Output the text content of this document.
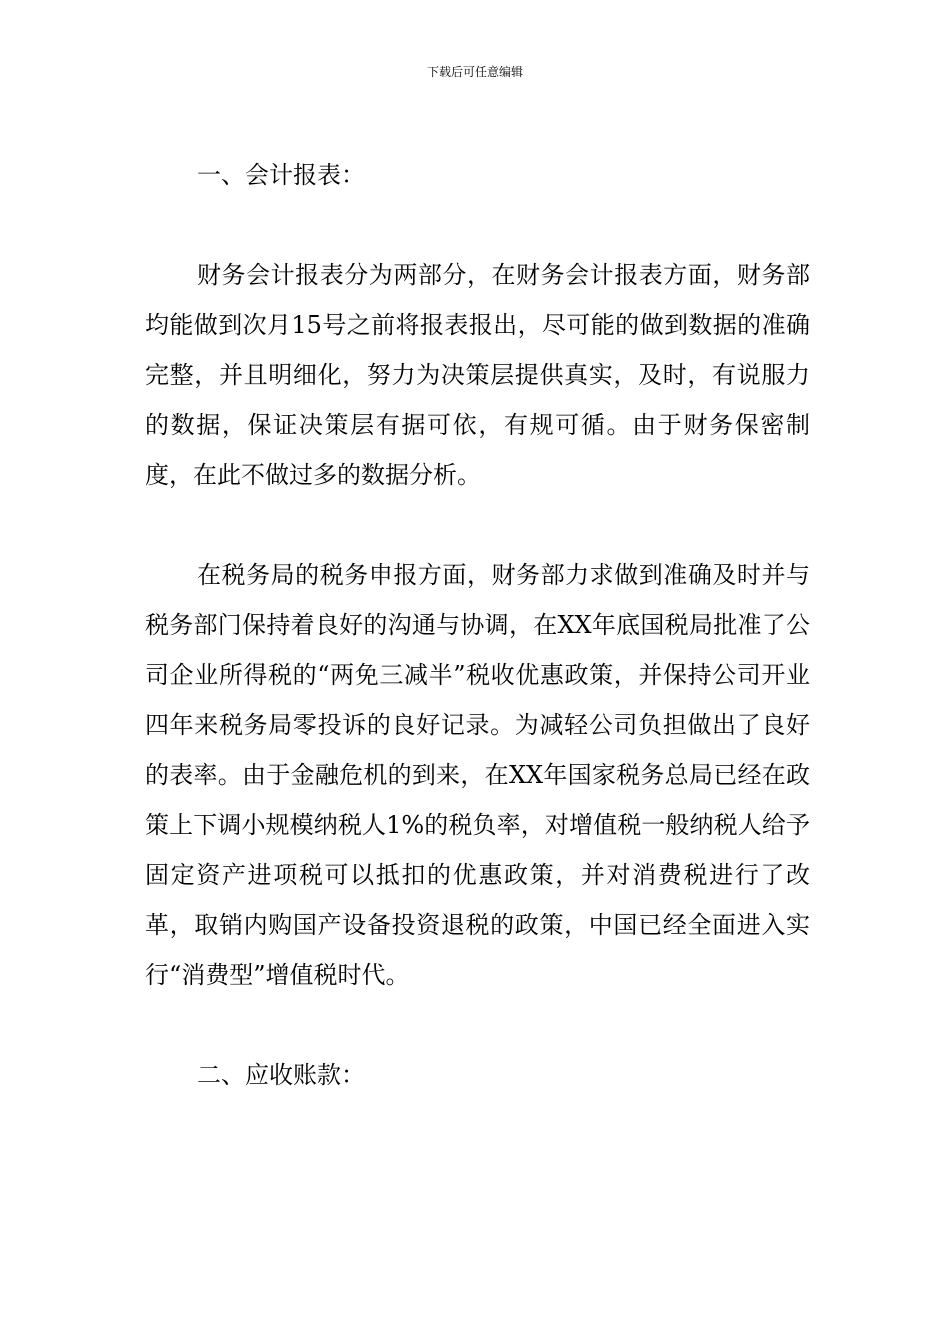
下载后可任意编辑

一、会计报表：

财务会计报表分为两部分，在财务会计报表方面，财务部均能做到次月15号之前将报表报出，尽可能的做到数据的准确完整，并且明细化，努力为决策层提供真实，及时，有说服力的数据，保证决策层有据可依，有规可循。由于财务保密制度，在此不做过多的数据分析。

在税务局的税务申报方面，财务部力求做到准确及时并与税务部门保持着良好的沟通与协调，在XX年底国税局批准了公司企业所得税的“两免三减半”税收优惠政策，并保持公司开业四年来税务局零投诉的良好记录。为减轻公司负担做出了良好的表率。由于金融危机的到来，在XX年国家税务总局已经在政策上下调小规模纳税人1%的税负率，对增值税一般纳税人给予固定资产进项税可以抵扣的优惠政策，并对消费税进行了改革，取销内购国产设备投资退税的政策，中国已经全面进入实行“消费型”增值税时代。

二、应收账款：
